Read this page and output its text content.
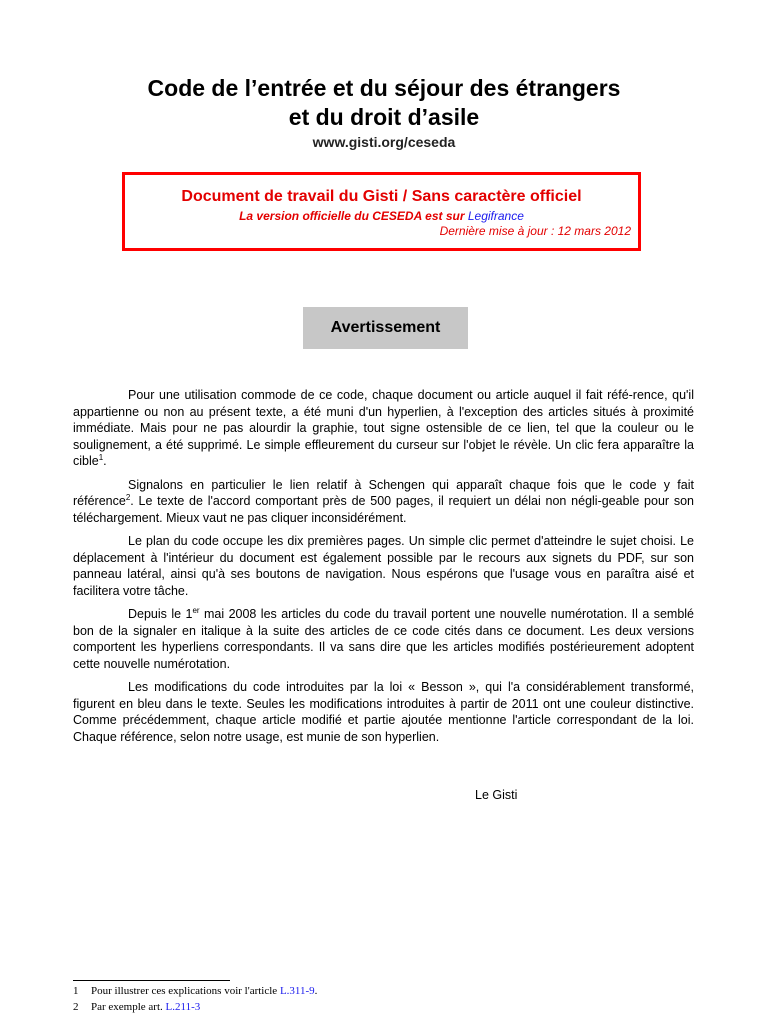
Code de l’entrée et du séjour des étrangers
et du droit d’asile
www.gisti.org/ceseda
Document de travail du Gisti / Sans caractère officiel
La version officielle du CESEDA est sur Legifrance
Dernière mise à jour : 12 mars 2012
Avertissement

Pour une utilisation commode de ce code, chaque document ou article auquel il fait réfé-rence, qu'il appartienne ou non au présent texte, a été muni d'un hyperlien, à l'exception des articles situés à proximité immédiate. Mais pour ne pas alourdir la graphie, tout signe ostensible de ce lien, tel que la couleur ou le soulignement, a été supprimé. Le simple effleurement du curseur sur l'objet le révèle. Un clic fera apparaître la cible$^1$.

Signalons en particulier le lien relatif à Schengen qui apparaît chaque fois que le code y fait référence$^2$. Le texte de l'accord comportant près de 500 pages, il requiert un délai non négli-geable pour son téléchargement. Mieux vaut ne pas cliquer inconsidérément.

Le plan du code occupe les dix premières pages. Un simple clic permet d'atteindre le sujet choisi. Le déplacement à l'intérieur du document est également possible par le recours aux signets du PDF, sur son panneau latéral, ainsi qu'à ses boutons de navigation. Nous espérons que l'usage vous en paraîtra aisé et facilitera votre tâche.

Depuis le 1er mai 2008 les articles du code du travail portent une nouvelle numérotation. Il a semblé bon de la signaler en italique à la suite des articles de ce code cités dans ce document. Les deux versions comportent les hyperliens correspondants. Il va sans dire que les articles modifiés postérieurement adoptent cette nouvelle numérotation.

Les modifications du code introduites par la loi « Besson », qui l'a considérablement transformé, figurent en bleu dans le texte. Seules les modifications introduites à partir de 2011 ont une couleur distinctive. Comme précédemment, chaque article modifié et partie ajoutée mentionne l'article correspondant de la loi. Chaque référence, selon notre usage, est munie de son hyperlien.

Le Gisti
1 Pour illustrer ces explications voir l'article L.311-9.
2 Par exemple art. L.211-3
